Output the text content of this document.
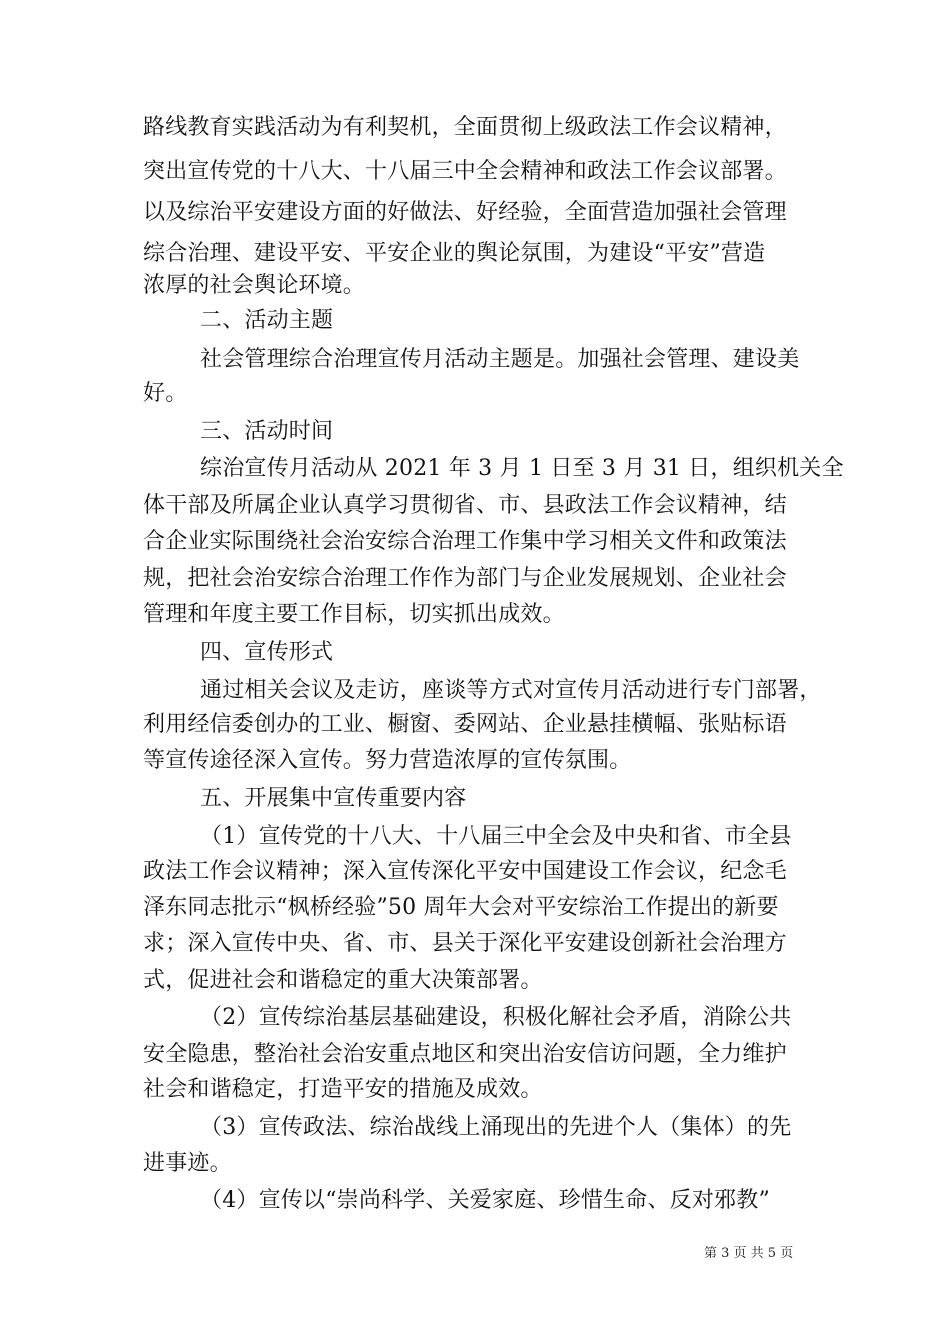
路线教育实践活动为有利契机，全面贯彻上级政法工作会议精神，
突出宣传党的十八大、十八届三中全会精神和政法工作会议部署。
以及综治平安建设方面的好做法、好经验，全面营造加强社会管理
综合治理、建设平安、平安企业的舆论氛围，为建设“平安”营造
浓厚的社会舆论环境。
二、活动主题
社会管理综合治理宣传月活动主题是。加强社会管理、建设美
好。
三、活动时间
综治宣传月活动从 2021 年 3 月 1 日至 3 月 31 日，组织机关全
体干部及所属企业认真学习贯彻省、市、县政法工作会议精神，结
合企业实际围绕社会治安综合治理工作集中学习相关文件和政策法
规，把社会治安综合治理工作作为部门与企业发展规划、企业社会
管理和年度主要工作目标，切实抓出成效。
四、宣传形式
通过相关会议及走访，座谈等方式对宣传月活动进行专门部署，
利用经信委创办的工业、橱窗、委网站、企业悬挂横幅、张贴标语
等宣传途径深入宣传。努力营造浓厚的宣传氛围。
五、开展集中宣传重要内容
（1）宣传党的十八大、十八届三中全会及中央和省、市全县
政法工作会议精神；深入宣传深化平安中国建设工作会议，纪念毛
泽东同志批示“枫桥经验”50 周年大会对平安综治工作提出的新要
求；深入宣传中央、省、市、县关于深化平安建设创新社会治理方
式，促进社会和谐稳定的重大决策部署。
（2）宣传综治基层基础建设，积极化解社会矛盾，消除公共
安全隐患，整治社会治安重点地区和突出治安信访问题，全力维护
社会和谐稳定，打造平安的措施及成效。
（3）宣传政法、综治战线上涌现出的先进个人（集体）的先
进事迹。
（4）宣传以“崇尚科学、关爱家庭、珍惜生命、反对邪教”
第 3 页 共 5 页
